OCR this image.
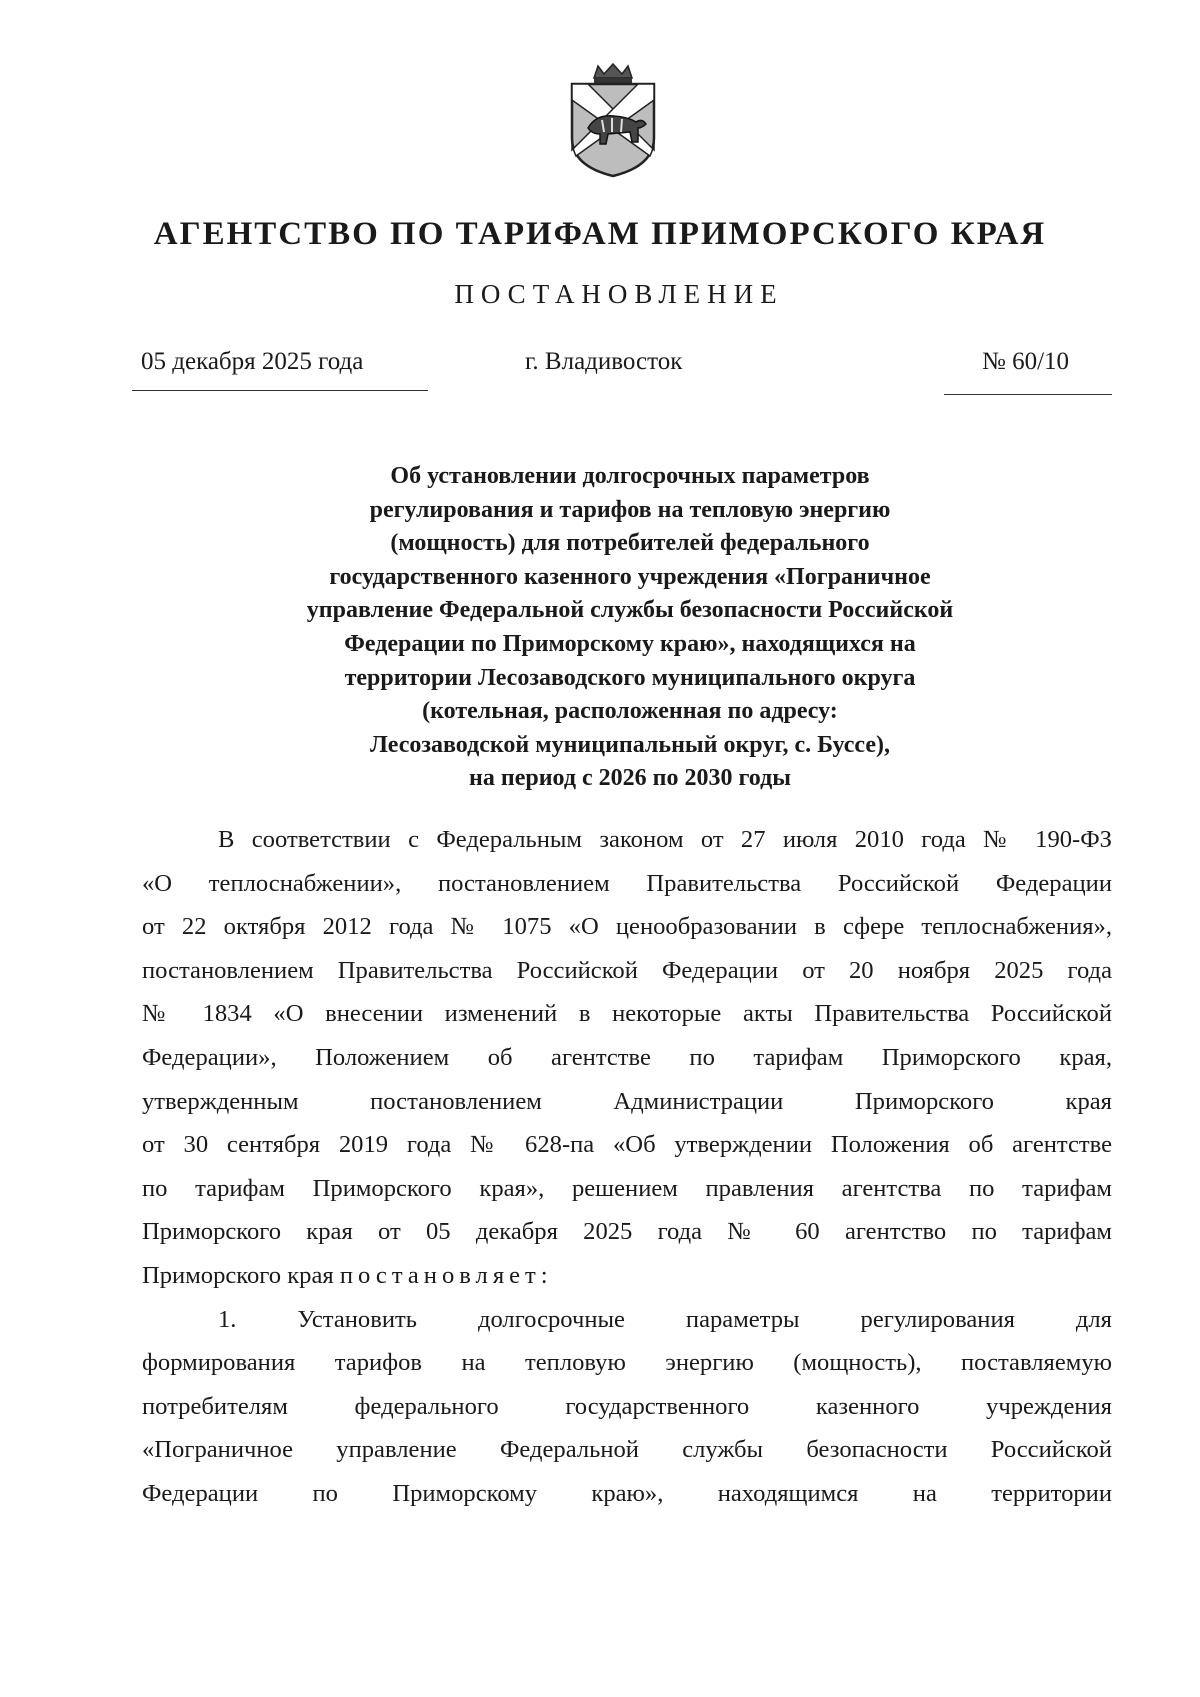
АГЕНТСТВО ПО ТАРИФАМ ПРИМОРСКОГО КРАЯ
ПОСТАНОВЛЕНИЕ
05 декабря 2025 года	г. Владивосток	№ 60/10
Об установлении долгосрочных параметров
регулирования и тарифов на тепловую энергию
(мощность) для потребителей федерального
государственного казенного учреждения «Пограничное
управление Федеральной службы безопасности Российской
Федерации по Приморскому краю», находящихся на
территории Лесозаводского муниципального округа
(котельная, расположенная по адресу:
Лесозаводской муниципальный округ, с. Буссе),
на период с 2026 по 2030 годы
В соответствии с Федеральным законом от 27 июля 2010 года № 190-ФЗ
«О теплоснабжении», постановлением Правительства Российской Федерации
от 22 октября 2012 года № 1075 «О ценообразовании в сфере теплоснабжения»,
постановлением Правительства Российской Федерации от 20 ноября 2025 года
№ 1834 «О внесении изменений в некоторые акты Правительства Российской
Федерации», Положением об агентстве по тарифам Приморского края,
утвержденным постановлением Администрации Приморского края
от 30 сентября 2019 года № 628-па «Об утверждении Положения об агентстве
по тарифам Приморского края», решением правления агентства по тарифам
Приморского края от 05 декабря 2025 года № 60 агентство по тарифам
Приморского края постановляет:
1. Установить долгосрочные параметры регулирования для
формирования тарифов на тепловую энергию (мощность), поставляемую
потребителям федерального государственного казенного учреждения
«Пограничное управление Федеральной службы безопасности Российской
Федерации по Приморскому краю», находящимся на территории
